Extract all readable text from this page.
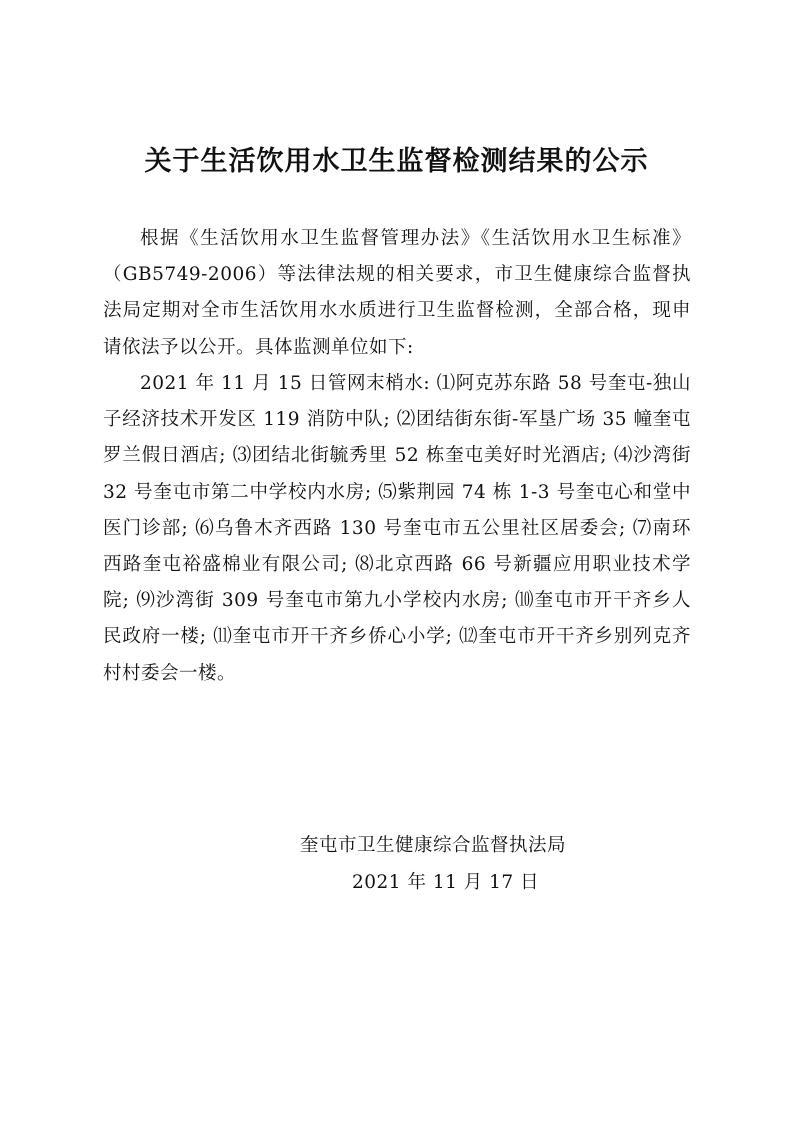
关于生活饮用水卫生监督检测结果的公示

根据《生活饮用水卫生监督管理办法》《生活饮用水卫生标准》（GB5749-2006）等法律法规的相关要求，市卫生健康综合监督执法局定期对全市生活饮用水水质进行卫生监督检测，全部合格，现申请依法予以公开。具体监测单位如下:

2021 年 11 月 15 日管网末梢水: ⑴阿克苏东路 58 号奎屯-独山子经济技术开发区 119 消防中队; ⑵团结街东街-军垦广场 35 幢奎屯罗兰假日酒店; ⑶团结北街毓秀里 52 栋奎屯美好时光酒店; ⑷沙湾街 32 号奎屯市第二中学校内水房; ⑸紫荆园 74 栋 1-3 号奎屯心和堂中医门诊部; ⑹乌鲁木齐西路 130 号奎屯市五公里社区居委会; ⑺南环西路奎屯裕盛棉业有限公司; ⑻北京西路 66 号新疆应用职业技术学院; ⑼沙湾街 309 号奎屯市第九小学校内水房; ⑽奎屯市开干齐乡人民政府一楼; ⑾奎屯市开干齐乡侨心小学; ⑿奎屯市开干齐乡别列克齐村村委会一楼。

奎屯市卫生健康综合监督执法局

2021 年 11 月 17 日
